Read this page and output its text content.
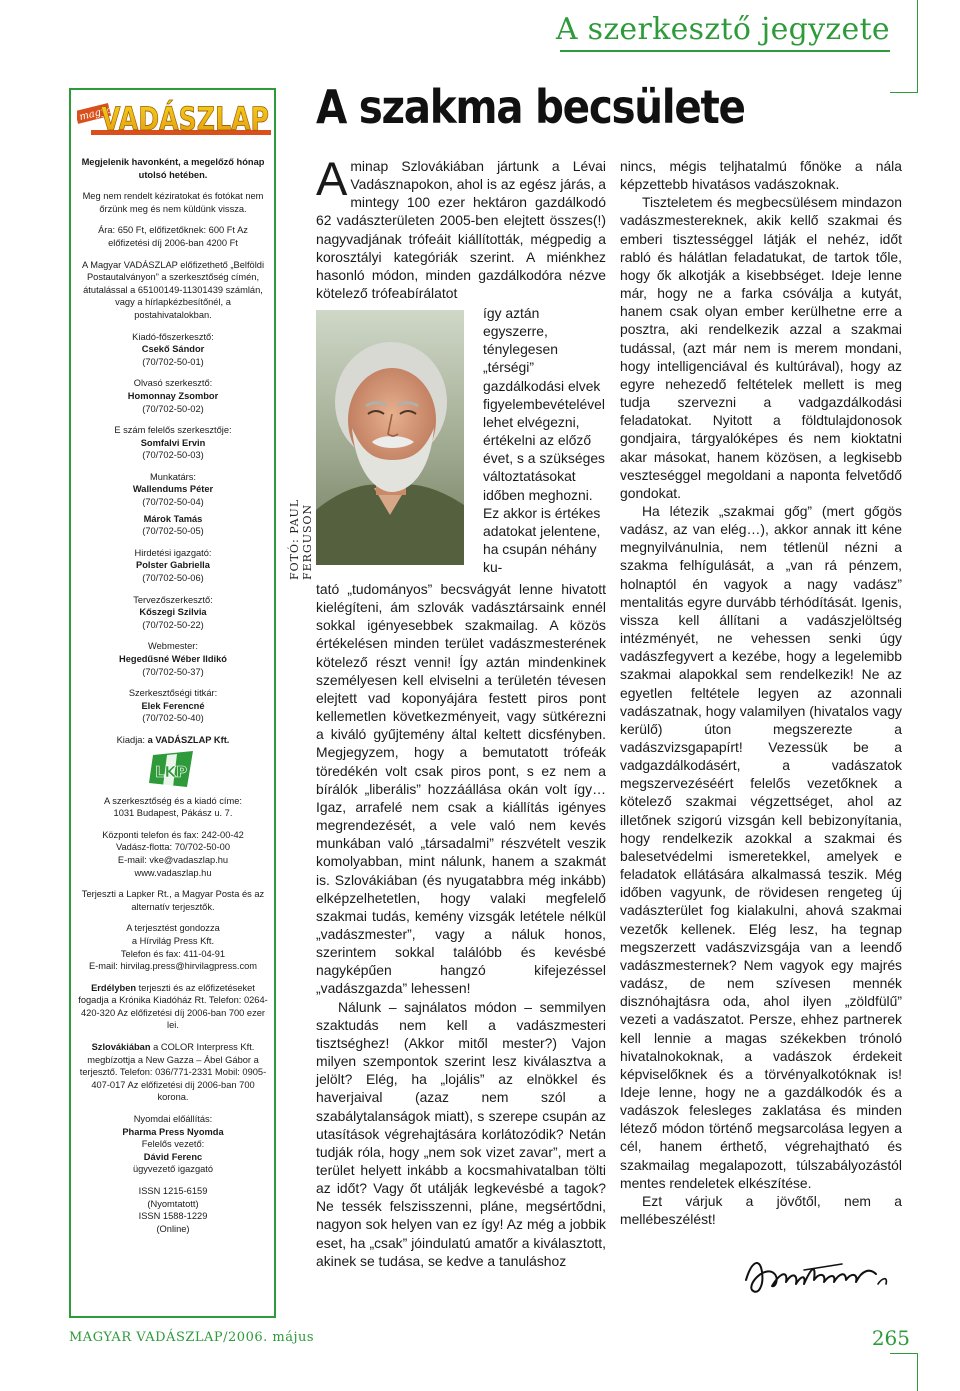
A szerkesztő jegyzete
A szakma becsülete
magyar
VADÁSZLAP

Megjelenik havonként, a megelőző hónap utolsó hetében.

Meg nem rendelt kéziratokat és fotókat nem őrzünk meg és nem küldünk vissza.

Ára: 650 Ft, előfizetőknek: 600 Ft Az előfizetési díj 2006-ban 4200 Ft

A Magyar VADÁSZLAP előfizethető „Belföldi Postautalványon” a szerkesztőség címén, átutalással a 65100149-11301439 számlán, vagy a hírlapkézbesítőnél, a postahivatalokban.

Kiadó-főszerkesztő:
Csekő Sándor
(70/702-50-01)

Olvasó szerkesztő:
Homonnay Zsombor
(70/702-50-02)

E szám felelős szerkesztője:
Somfalvi Ervin
(70/702-50-03)

Munkatárs:
Wallendums Péter
(70/702-50-04)

Márok Tamás
(70/702-50-05)

Hirdetési igazgató:
Polster Gabriella
(70/702-50-06)

Tervezőszerkesztő:
Kőszegi Szilvia
(70/702-50-22)

Webmester:
Hegedűsné Wéber Ildikó
(70/702-50-37)

Szerkesztőségi titkár:
Elek Ferencné
(70/702-50-40)

Kiadja: a VADÁSZLAP Kft.

LKP

A szerkesztőség és a kiadó címe:
1031 Budapest, Pákász u. 7.

Központi telefon és fax: 242-00-42
Vadász-flotta: 70/702-50-00
E-mail: vke@vadaszlap.hu
www.vadaszlap.hu

Terjeszti a Lapker Rt., a Magyar Posta és az alternatív terjesztők.

A terjesztést gondozza
a Hírvilág Press Kft.
Telefon és fax: 411-04-91
E-mail: hirvilag.press@hirvilagpress.com

Erdélyben terjeszti és az előfizetéseket fogadja a Krónika Kiadóház Rt. Telefon: 0264-420-320 Az előfizetési díj 2006-ban 700 ezer lei.

Szlovákiában a COLOR Interpress Kft. megbízottja a New Gazza – Ábel Gábor a terjesztő. Telefon: 036/771-2331 Mobil: 0905-407-017 Az előfizetési díj 2006-ban 700 korona.

Nyomdai előállítás:
Pharma Press Nyomda
Felelős vezető:
Dávid Ferenc
ügyvezető igazgató

ISSN 1215-6159
(Nyomtatott)
ISSN 1588-1229
(Online)

FOTÓ: PAUL FERGUSON

Aminap Szlovákiában jártunk a Lévai Vadásznapokon, ahol is az egész járás, a mintegy 100 ezer hektáron gazdálkodó 62 vadászterületen 2005-ben elejtett összes(!) nagyvadjának trófeáit kiállították, mégpedig a korosztályi kategóriák szerint. A miénkhez hasonló módon, minden gazdálkodóra nézve kötelező trófeabírálatot

így aztán egyszerre, ténylegesen „térségi” gazdálkodási elvek figyelembevételével lehet elvégezni, értékelni az előző évet, s a szükséges változtatásokat időben meghozni. Ez akkor is értékes adatokat jelentene, ha csupán néhány ku-

tató „tudományos” becsvágyát lenne hivatott kielégíteni, ám szlovák vadásztársaink ennél sokkal igényesebbek szakmailag. A közös értékelésen minden terület vadászmesterének kötelező részt venni! Így aztán mindenkinek személyesen kell elviselni a területén tévesen elejtett vad koponyájára festett piros pont kellemetlen következményeit, vagy sütkérezni a kiváló gyűjtemény által keltett dicsfényben. Megjegyzem, hogy a bemutatott trófeák töredékén volt csak piros pont, s ez nem a bírálók „liberális” hozzáállása okán volt így… Igaz, arrafelé nem csak a kiállítás igényes megrendezését, a vele való nem kevés munkában való „társadalmi” részvételt veszik komolyabban, mint nálunk, hanem a szakmát is. Szlovákiában (és nyugatabbra még inkább) elképzelhetetlen, hogy valaki megfelelő szakmai tudás, kemény vizsgák letétele nélkül „vadászmester”, vagy a náluk honos, szerintem sokkal találóbb és kevésbé nagyképűen hangzó kifejezéssel „vadászgazda” lehessen!

Nálunk – sajnálatos módon – semmilyen szaktudás nem kell a vadászmesteri tisztséghez! (Akkor mitől mester?) Vajon milyen szempontok szerint lesz kiválasztva a jelölt? Elég, ha „lojális” az elnökkel és haverjaival (azaz nem szól a szabálytalanságok miatt), s szerepe csupán az utasítások végrehajtására korlátozódik? Netán tudják róla, hogy „nem sok vizet zavar”, mert a terület helyett inkább a kocsmahivatalban tölti az időt? Vagy őt utálják legkevésbé a tagok? Ne tessék felszisszenni, pláne, megsértődni, nagyon sok helyen van ez így! Az még a jobbik eset, ha „csak” jóindulatú amatőr a kiválasztott, akinek se tudása, se kedve a tanuláshoz

nincs, mégis teljhatalmú főnöke a nála képzettebb hivatásos vadászoknak.

Tiszteletem és megbecsülésem mindazon vadászmestereknek, akik kellő szakmai és emberi tisztességgel látják el nehéz, időt rabló és hálátlan feladatukat, de tartok tőle, hogy ők alkotják a kisebbséget. Ideje lenne már, hogy ne a farka csóválja a kutyát, hanem csak olyan ember kerülhetne erre a posztra, aki rendelkezik azzal a szakmai tudással, (azt már nem is merem mondani, hogy intelligenciával és kultúrával), hogy az egyre nehezedő feltételek mellett is meg tudja szervezni a vadgazdálkodási feladatokat. Nyitott a földtulajdonosok gondjaira, tárgyalóképes és nem kioktatni akar másokat, hanem közösen, a legkisebb veszteséggel megoldani a naponta felvetődő gondokat.

Ha létezik „szakmai gőg” (mert gőgös vadász, az van elég…), akkor annak itt kéne megnyilvánulnia, nem tétlenül nézni a szakma felhígulását, a „van rá pénzem, holnaptól én vagyok a nagy vadász” mentalitás egyre durvább térhódítását. Igenis, vissza kell állítani a vadászjelöltség intézményét, ne vehessen senki úgy vadászfegyvert a kezébe, hogy a legelemibb szakmai alapokkal sem rendelkezik! Ne az egyetlen feltétele legyen az azonnali vadászatnak, hogy valamilyen (hivatalos vagy kerülő) úton megszerezte a vadászvizsgapapírt! Vezessük be a vadgazdálkodásért, a vadászatok megszervezéséért felelős vezetőknek a kötelező szakmai végzettséget, ahol az illetőnek szigorú vizsgán kell bebizonyítania, hogy rendelkezik azokkal a szakmai és balesetvédelmi ismeretekkel, amelyek e feladatok ellátására alkalmassá teszik. Még időben vagyunk, de rövidesen rengeteg új vadászterület fog kialakulni, ahová szakmai vezetők kellenek. Elég lesz, ha tegnap megszerzett vadászvizsgája van a leendő vadászmesternek? Nem vagyok egy majrés vadász, de nem szívesen mennék disznóhajtásra oda, ahol ilyen „zöldfülű” vezeti a vadászatot. Persze, ehhez partnerek kell lennie a magas székekben trónoló hivatalnokoknak, a vadászok érdekeit képviselőknek és a törvényalkotóknak is! Ideje lenne, hogy ne a gazdálkodók és a vadászok felesleges zaklatása és minden létező módon történő megsarcolása legyen a cél, hanem érthető, végrehajtható és szakmailag megalapozott, túlszabályozástól mentes rendeletek elkészítése.

Ezt várjuk a jövőtől, nem a mellébeszélést!

MAGYAR VADÁSZLAP/2006. május	265
